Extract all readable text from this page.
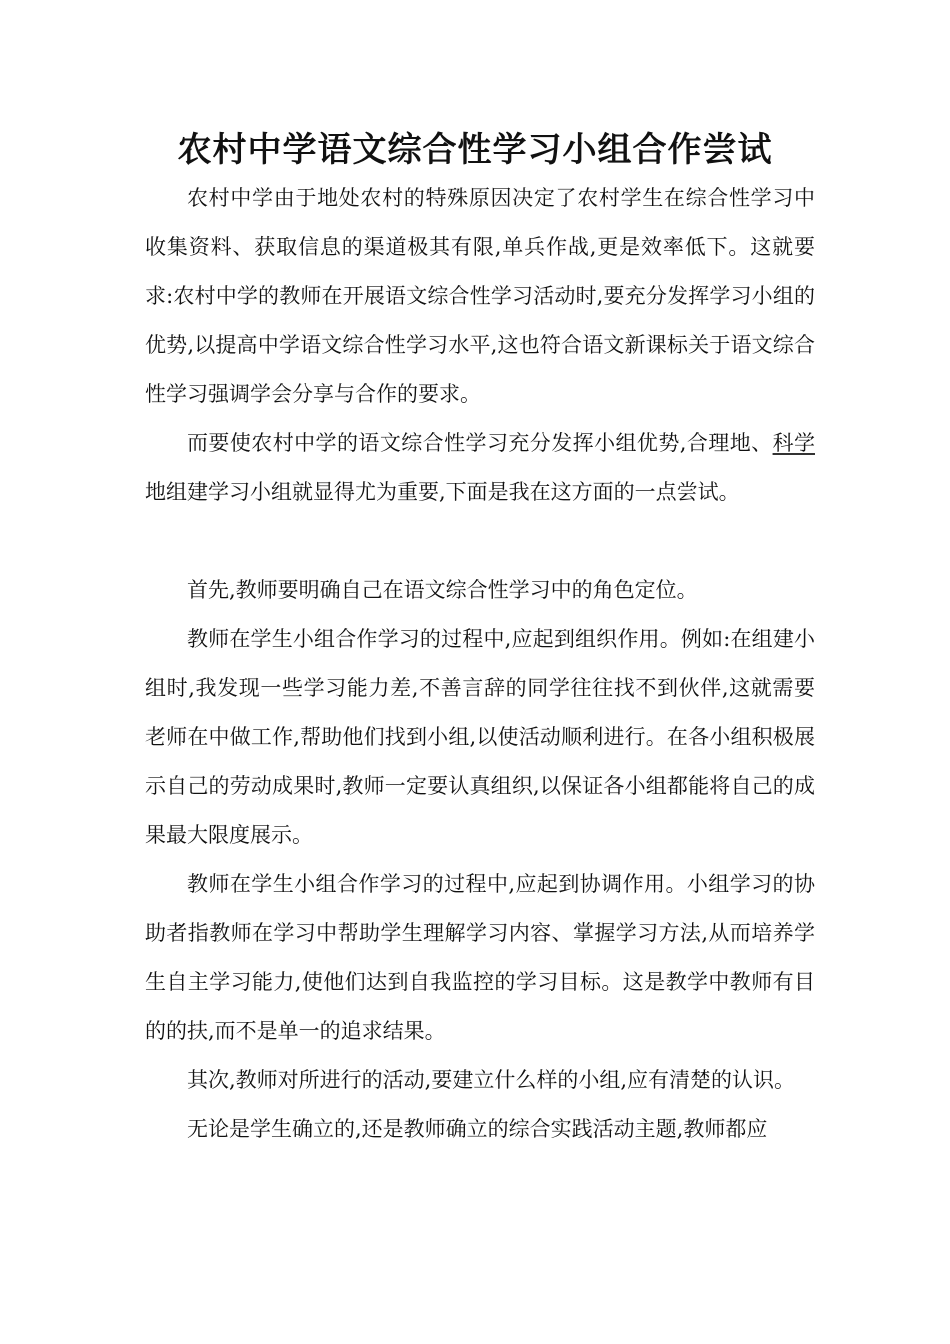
农村中学语文综合性学习小组合作尝试

农村中学由于地处农村的特殊原因决定了农村学生在综合性学习中收集资料、获取信息的渠道极其有限,单兵作战,更是效率低下。这就要求:农村中学的教师在开展语文综合性学习活动时,要充分发挥学习小组的优势,以提高中学语文综合性学习水平,这也符合语文新课标关于语文综合性学习强调学会分享与合作的要求。

而要使农村中学的语文综合性学习充分发挥小组优势,合理地、科学地组建学习小组就显得尤为重要,下面是我在这方面的一点尝试。

首先,教师要明确自己在语文综合性学习中的角色定位。

教师在学生小组合作学习的过程中,应起到组织作用。例如:在组建小组时,我发现一些学习能力差,不善言辞的同学往往找不到伙伴,这就需要老师在中做工作,帮助他们找到小组,以使活动顺利进行。在各小组积极展示自己的劳动成果时,教师一定要认真组织,以保证各小组都能将自己的成果最大限度展示。

教师在学生小组合作学习的过程中,应起到协调作用。小组学习的协助者指教师在学习中帮助学生理解学习内容、掌握学习方法,从而培养学生自主学习能力,使他们达到自我监控的学习目标。这是教学中教师有目的的扶,而不是单一的追求结果。

其次,教师对所进行的活动,要建立什么样的小组,应有清楚的认识。

无论是学生确立的,还是教师确立的综合实践活动主题,教师都应
